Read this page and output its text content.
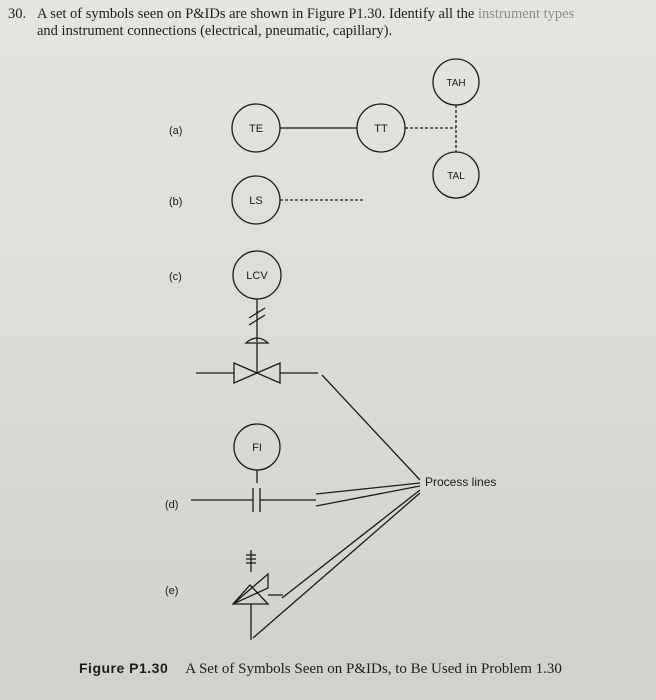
30. A set of symbols seen on P&IDs are shown in Figure P1.30. Identify all the instrument types
and instrument connections (electrical, pneumatic, capillary).
(a)
(b)
(c)
(d)
(e)
TE	TT
TAH
TAL
LS
LCV
FI
Process lines
Figure P1.30 A Set of Symbols Seen on P&IDs, to Be Used in Problem 1.30
